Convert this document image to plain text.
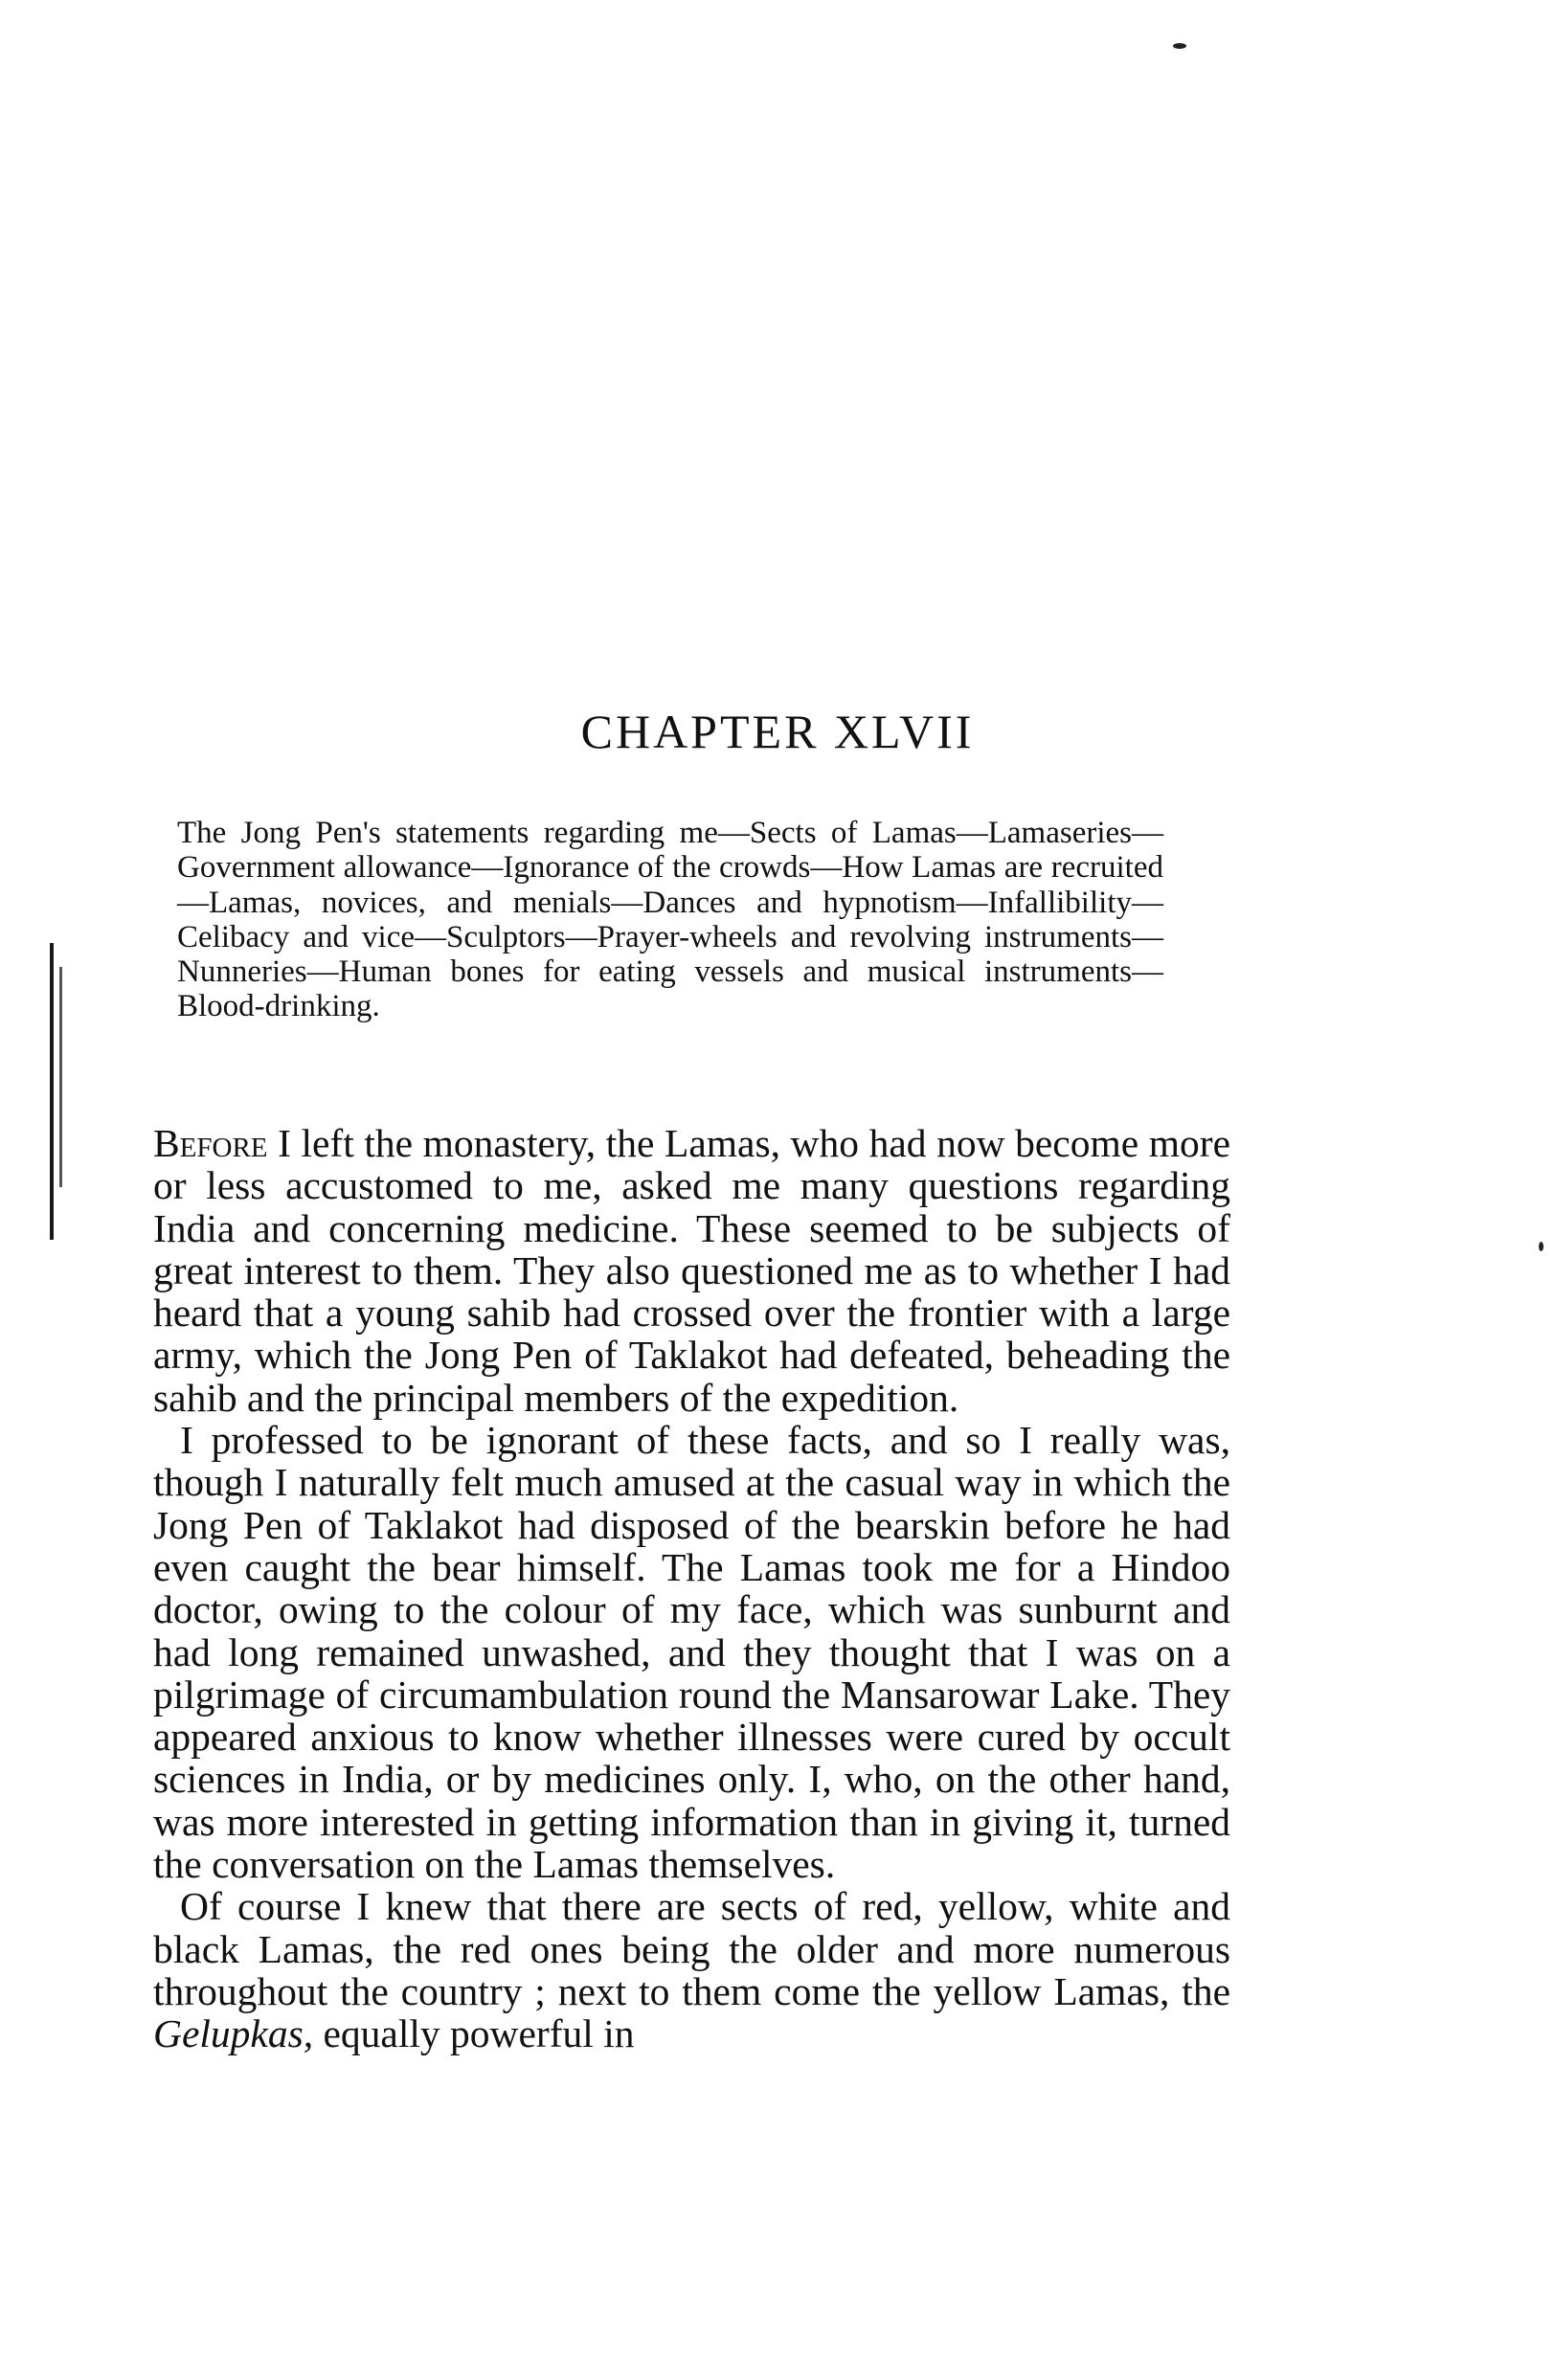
CHAPTER XLVII

The Jong Pen's statements regarding me—Sects of Lamas—Lamaseries—Government allowance—Ignorance of the crowds—How Lamas are recruited—Lamas, novices, and menials—Dances and hypnotism—Infallibility—Celibacy and vice—Sculptors—Prayer-wheels and revolving instruments—Nunneries—Human bones for eating vessels and musical instruments—Blood-drinking.

Before I left the monastery, the Lamas, who had now become more or less accustomed to me, asked me many questions regarding India and concerning medicine. These seemed to be subjects of great interest to them. They also questioned me as to whether I had heard that a young sahib had crossed over the frontier with a large army, which the Jong Pen of Taklakot had defeated, beheading the sahib and the principal members of the expedition.

I professed to be ignorant of these facts, and so I really was, though I naturally felt much amused at the casual way in which the Jong Pen of Taklakot had disposed of the bearskin before he had even caught the bear himself. The Lamas took me for a Hindoo doctor, owing to the colour of my face, which was sunburnt and had long remained unwashed, and they thought that I was on a pilgrimage of circumambulation round the Mansarowar Lake. They appeared anxious to know whether illnesses were cured by occult sciences in India, or by medicines only. I, who, on the other hand, was more interested in getting information than in giving it, turned the conversation on the Lamas themselves.

Of course I knew that there are sects of red, yellow, white and black Lamas, the red ones being the older and more numerous throughout the country ; next to them come the yellow Lamas, the Gelupkas, equally powerful in
